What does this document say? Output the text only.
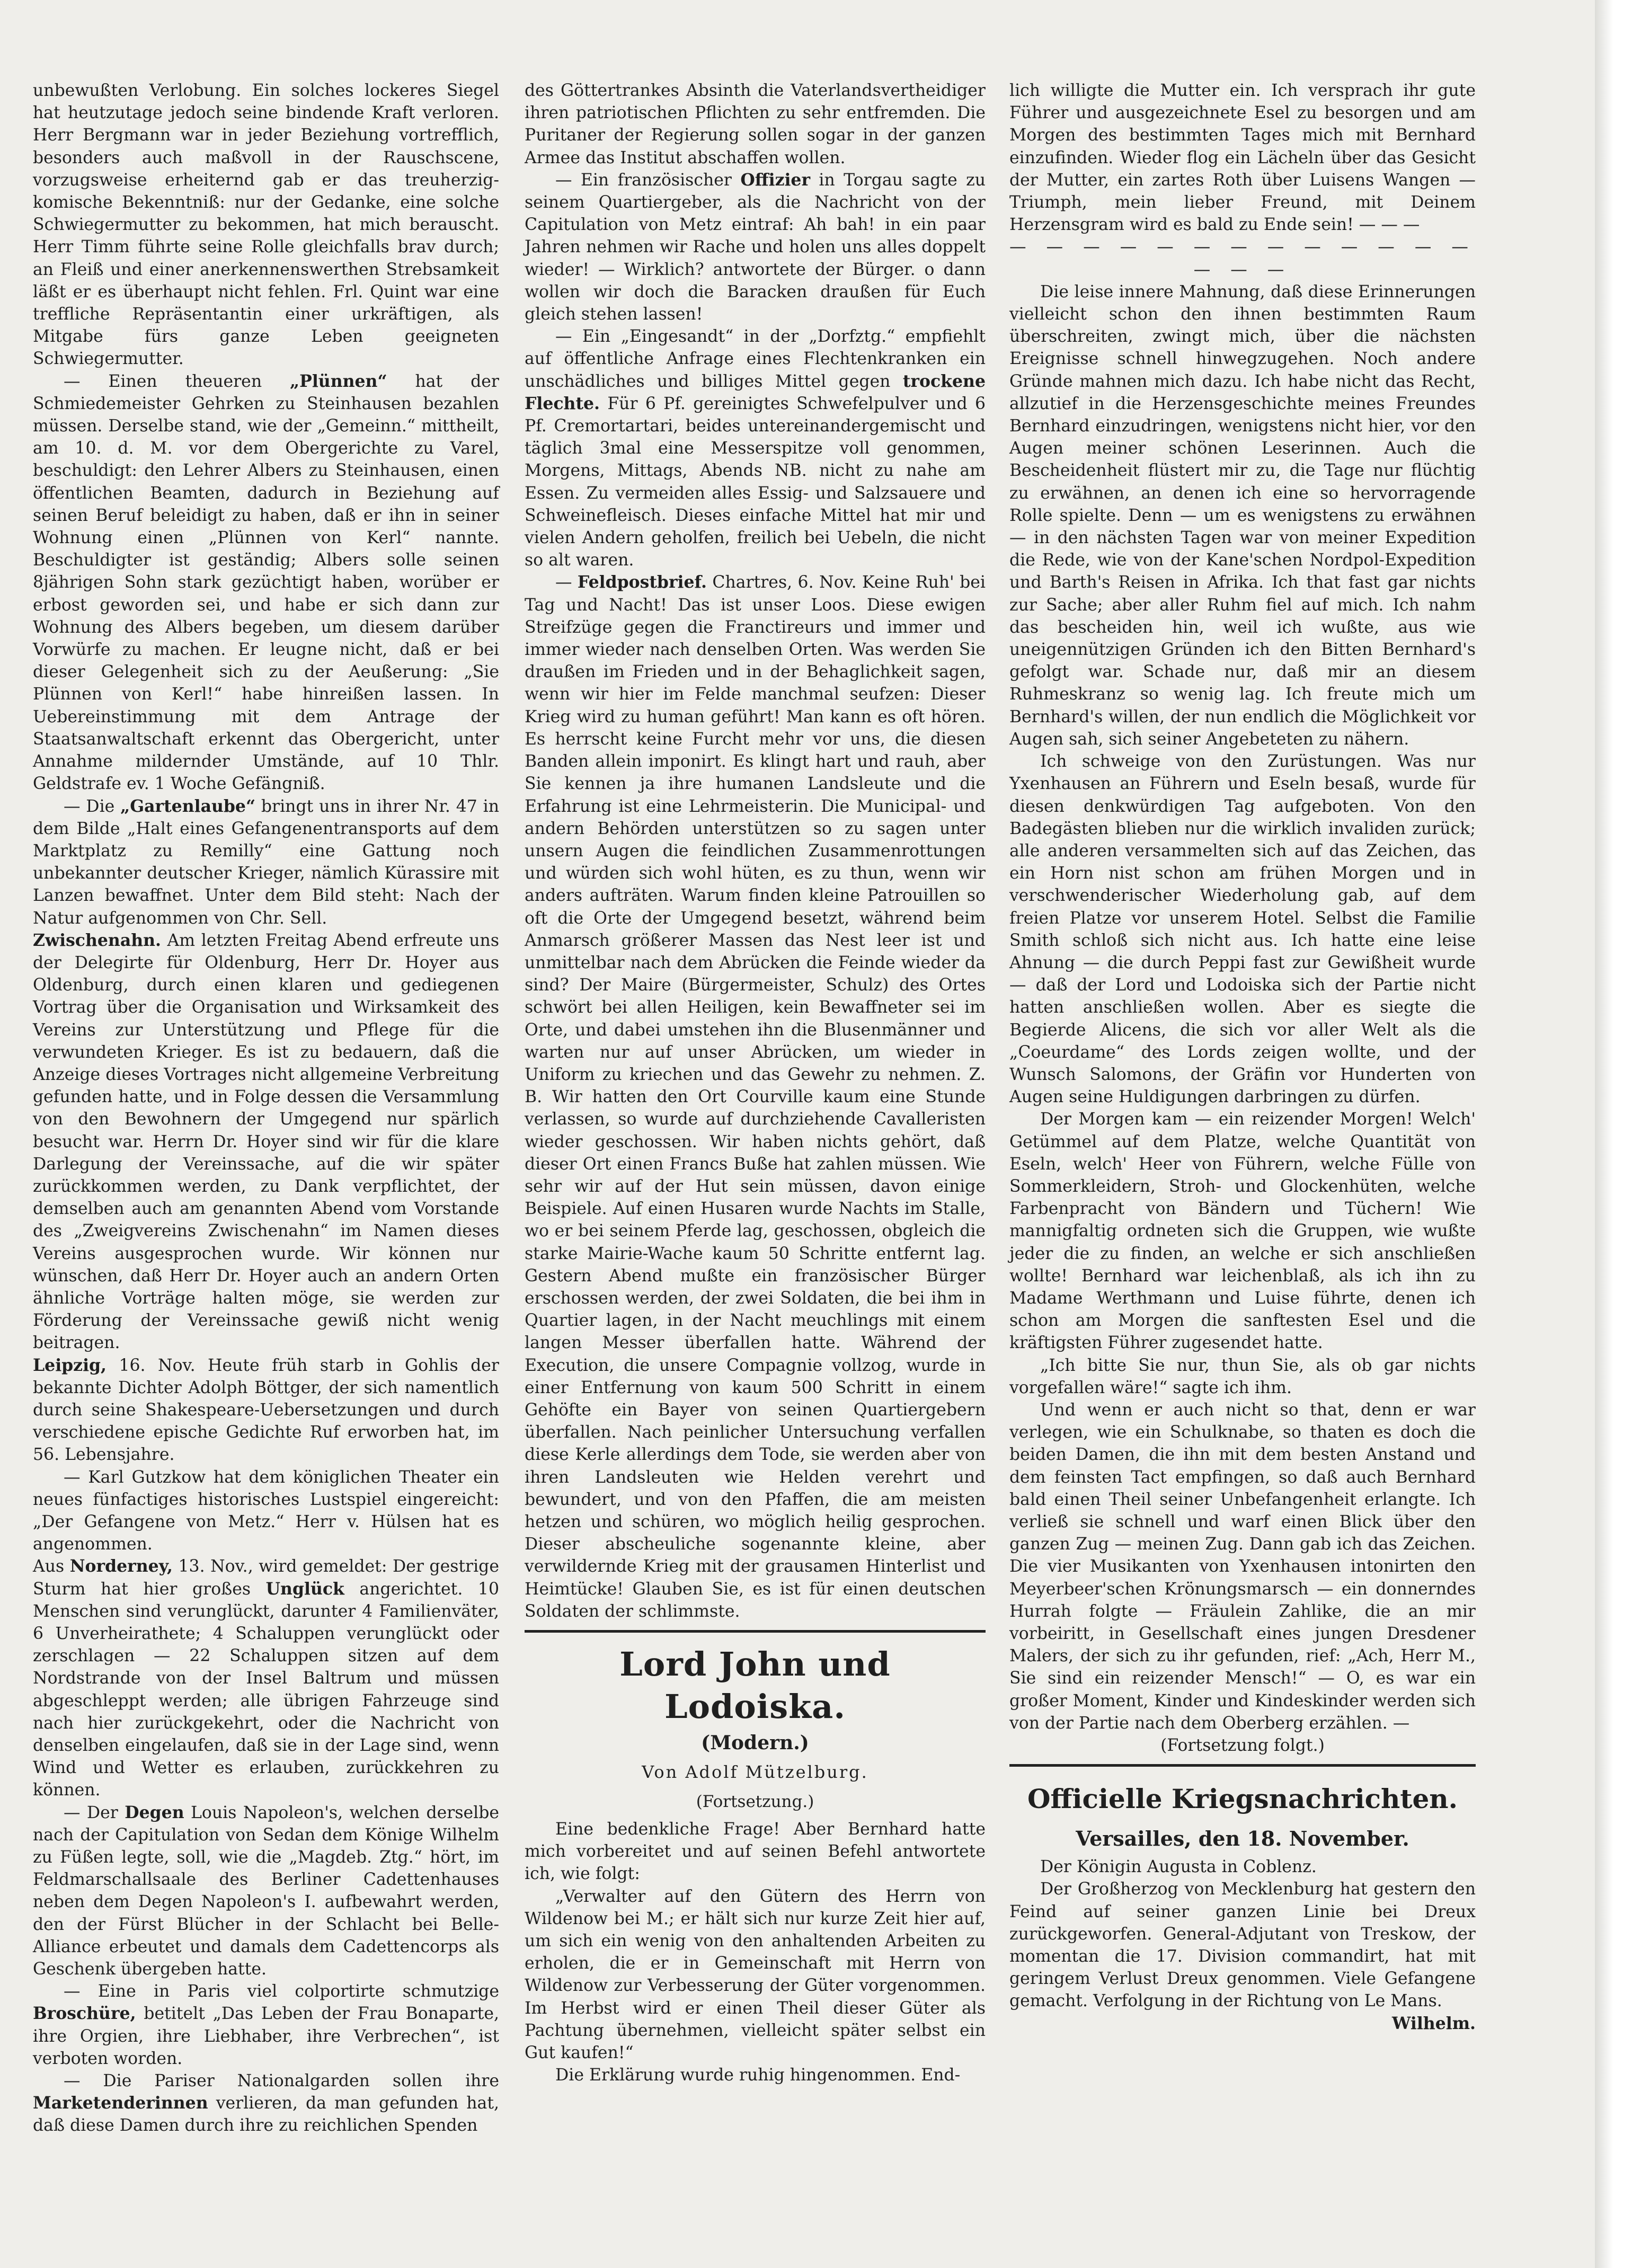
unbewußten Verlobung. Ein solches lockeres Siegel hat heutzutage jedoch seine bindende Kraft verloren. Herr Bergmann war in jeder Beziehung vortrefflich, besonders auch maßvoll in der Rauschscene, vorzugsweise erheiternd gab er das treuherzig-komische Bekenntniß: nur der Gedanke, eine solche Schwiegermutter zu bekommen, hat mich berauscht. Herr Timm führte seine Rolle gleichfalls brav durch; an Fleiß und einer anerkennenswerthen Strebsamkeit läßt er es überhaupt nicht fehlen. Frl. Quint war eine treffliche Repräsentantin einer urkräftigen, als Mitgabe fürs ganze Leben geeigneten Schwiegermutter.

— Einen theueren „Plünnen“ hat der Schmiedemeister Gehrken zu Steinhausen bezahlen müssen. Derselbe stand, wie der „Gemeinn.“ mittheilt, am 10. d. M. vor dem Obergerichte zu Varel, beschuldigt: den Lehrer Albers zu Steinhausen, einen öffentlichen Beamten, dadurch in Beziehung auf seinen Beruf beleidigt zu haben, daß er ihn in seiner Wohnung einen „Plünnen von Kerl“ nannte. Beschuldigter ist geständig; Albers solle seinen 8jährigen Sohn stark gezüchtigt haben, worüber er erbost geworden sei, und habe er sich dann zur Wohnung des Albers begeben, um diesem darüber Vorwürfe zu machen. Er leugne nicht, daß er bei dieser Gelegenheit sich zu der Aeußerung: „Sie Plünnen von Kerl!“ habe hinreißen lassen. In Uebereinstimmung mit dem Antrage der Staatsanwaltschaft erkennt das Obergericht, unter Annahme mildernder Umstände, auf 10 Thlr. Geldstrafe ev. 1 Woche Gefängniß.

— Die „Gartenlaube“ bringt uns in ihrer Nr. 47 in dem Bilde „Halt eines Gefangenentransports auf dem Marktplatz zu Remilly“ eine Gattung noch unbekannter deutscher Krieger, nämlich Kürassire mit Lanzen bewaffnet. Unter dem Bild steht: Nach der Natur aufgenommen von Chr. Sell.

Zwischenahn. Am letzten Freitag Abend erfreute uns der Delegirte für Oldenburg, Herr Dr. Hoyer aus Oldenburg, durch einen klaren und gediegenen Vortrag über die Organisation und Wirksamkeit des Vereins zur Unterstützung und Pflege für die verwundeten Krieger. Es ist zu bedauern, daß die Anzeige dieses Vortrages nicht allgemeine Verbreitung gefunden hatte, und in Folge dessen die Versammlung von den Bewohnern der Umgegend nur spärlich besucht war. Herrn Dr. Hoyer sind wir für die klare Darlegung der Vereinssache, auf die wir später zurückkommen werden, zu Dank verpflichtet, der demselben auch am genannten Abend vom Vorstande des „Zweigvereins Zwischenahn“ im Namen dieses Vereins ausgesprochen wurde. Wir können nur wünschen, daß Herr Dr. Hoyer auch an andern Orten ähnliche Vorträge halten möge, sie werden zur Förderung der Vereinssache gewiß nicht wenig beitragen.

Leipzig, 16. Nov. Heute früh starb in Gohlis der bekannte Dichter Adolph Böttger, der sich namentlich durch seine Shakespeare-Uebersetzungen und durch verschiedene epische Gedichte Ruf erworben hat, im 56. Lebensjahre.

— Karl Gutzkow hat dem königlichen Theater ein neues fünfactiges historisches Lustspiel eingereicht: „Der Gefangene von Metz.“ Herr v. Hülsen hat es angenommen.

Aus Norderney, 13. Nov., wird gemeldet: Der gestrige Sturm hat hier großes Unglück angerichtet. 10 Menschen sind verunglückt, darunter 4 Familienväter, 6 Unverheirathete; 4 Schaluppen verunglückt oder zerschlagen — 22 Schaluppen sitzen auf dem Nordstrande von der Insel Baltrum und müssen abgeschleppt werden; alle übrigen Fahrzeuge sind nach hier zurückgekehrt, oder die Nachricht von denselben eingelaufen, daß sie in der Lage sind, wenn Wind und Wetter es erlauben, zurückkehren zu können.

— Der Degen Louis Napoleon's, welchen derselbe nach der Capitulation von Sedan dem Könige Wilhelm zu Füßen legte, soll, wie die „Magdeb. Ztg.“ hört, im Feldmarschallsaale des Berliner Cadettenhauses neben dem Degen Napoleon's I. aufbewahrt werden, den der Fürst Blücher in der Schlacht bei Belle-Alliance erbeutet und damals dem Cadettencorps als Geschenk übergeben hatte.

— Eine in Paris viel colportirte schmutzige Broschüre, betitelt „Das Leben der Frau Bonaparte, ihre Orgien, ihre Liebhaber, ihre Verbrechen“, ist verboten worden.

— Die Pariser Nationalgarden sollen ihre Marketenderinnen verlieren, da man gefunden hat, daß diese Damen durch ihre zu reichlichen Spenden

des Göttertrankes Absinth die Vaterlandsvertheidiger ihren patriotischen Pflichten zu sehr entfremden. Die Puritaner der Regierung sollen sogar in der ganzen Armee das Institut abschaffen wollen.

— Ein französischer Offizier in Torgau sagte zu seinem Quartiergeber, als die Nachricht von der Capitulation von Metz eintraf: Ah bah! in ein paar Jahren nehmen wir Rache und holen uns alles doppelt wieder! — Wirklich? antwortete der Bürger. o dann wollen wir doch die Baracken draußen für Euch gleich stehen lassen!

— Ein „Eingesandt“ in der „Dorfztg.“ empfiehlt auf öffentliche Anfrage eines Flechtenkranken ein unschädliches und billiges Mittel gegen trockene Flechte. Für 6 Pf. gereinigtes Schwefelpulver und 6 Pf. Cremortartari, beides untereinandergemischt und täglich 3mal eine Messerspitze voll genommen, Morgens, Mittags, Abends NB. nicht zu nahe am Essen. Zu vermeiden alles Essig- und Salzsauere und Schweinefleisch. Dieses einfache Mittel hat mir und vielen Andern geholfen, freilich bei Uebeln, die nicht so alt waren.

— Feldpostbrief. Chartres, 6. Nov. Keine Ruh' bei Tag und Nacht! Das ist unser Loos. Diese ewigen Streifzüge gegen die Franctireurs und immer und immer wieder nach denselben Orten. Was werden Sie draußen im Frieden und in der Behaglichkeit sagen, wenn wir hier im Felde manchmal seufzen: Dieser Krieg wird zu human geführt! Man kann es oft hören. Es herrscht keine Furcht mehr vor uns, die diesen Banden allein imponirt. Es klingt hart und rauh, aber Sie kennen ja ihre humanen Landsleute und die Erfahrung ist eine Lehrmeisterin. Die Municipal- und andern Behörden unterstützen so zu sagen unter unsern Augen die feindlichen Zusammenrottungen und würden sich wohl hüten, es zu thun, wenn wir anders aufträten. Warum finden kleine Patrouillen so oft die Orte der Umgegend besetzt, während beim Anmarsch größerer Massen das Nest leer ist und unmittelbar nach dem Abrücken die Feinde wieder da sind? Der Maire (Bürgermeister, Schulz) des Ortes schwört bei allen Heiligen, kein Bewaffneter sei im Orte, und dabei umstehen ihn die Blusenmänner und warten nur auf unser Abrücken, um wieder in Uniform zu kriechen und das Gewehr zu nehmen. Z. B. Wir hatten den Ort Courville kaum eine Stunde verlassen, so wurde auf durchziehende Cavalleristen wieder geschossen. Wir haben nichts gehört, daß dieser Ort einen Francs Buße hat zahlen müssen. Wie sehr wir auf der Hut sein müssen, davon einige Beispiele. Auf einen Husaren wurde Nachts im Stalle, wo er bei seinem Pferde lag, geschossen, obgleich die starke Mairie-Wache kaum 50 Schritte entfernt lag. Gestern Abend mußte ein französischer Bürger erschossen werden, der zwei Soldaten, die bei ihm in Quartier lagen, in der Nacht meuchlings mit einem langen Messer überfallen hatte. Während der Execution, die unsere Compagnie vollzog, wurde in einer Entfernung von kaum 500 Schritt in einem Gehöfte ein Bayer von seinen Quartiergebern überfallen. Nach peinlicher Untersuchung verfallen diese Kerle allerdings dem Tode, sie werden aber von ihren Landsleuten wie Helden verehrt und bewundert, und von den Pfaffen, die am meisten hetzen und schüren, wo möglich heilig gesprochen. Dieser abscheuliche sogenannte kleine, aber verwildernde Krieg mit der grausamen Hinterlist und Heimtücke! Glauben Sie, es ist für einen deutschen Soldaten der schlimmste.

Lord John und Lodoiska.
(Modern.)
Von Adolf Mützelburg.
(Fortsetzung.)

Eine bedenkliche Frage! Aber Bernhard hatte mich vorbereitet und auf seinen Befehl antwortete ich, wie folgt:

„Verwalter auf den Gütern des Herrn von Wildenow bei M.; er hält sich nur kurze Zeit hier auf, um sich ein wenig von den anhaltenden Arbeiten zu erholen, die er in Gemeinschaft mit Herrn von Wildenow zur Verbesserung der Güter vorgenommen. Im Herbst wird er einen Theil dieser Güter als Pachtung übernehmen, vielleicht später selbst ein Gut kaufen!“

Die Erklärung wurde ruhig hingenommen. End-

lich willigte die Mutter ein. Ich versprach ihr gute Führer und ausgezeichnete Esel zu besorgen und am Morgen des bestimmten Tages mich mit Bernhard einzufinden. Wieder flog ein Lächeln über das Gesicht der Mutter, ein zartes Roth über Luisens Wangen — Triumph, mein lieber Freund, mit Deinem Herzensgram wird es bald zu Ende sein! — — —

— — — — — — — — — — — — — — — —

Die leise innere Mahnung, daß diese Erinnerungen vielleicht schon den ihnen bestimmten Raum überschreiten, zwingt mich, über die nächsten Ereignisse schnell hinwegzugehen. Noch andere Gründe mahnen mich dazu. Ich habe nicht das Recht, allzutief in die Herzensgeschichte meines Freundes Bernhard einzudringen, wenigstens nicht hier, vor den Augen meiner schönen Leserinnen. Auch die Bescheidenheit flüstert mir zu, die Tage nur flüchtig zu erwähnen, an denen ich eine so hervorragende Rolle spielte. Denn — um es wenigstens zu erwähnen — in den nächsten Tagen war von meiner Expedition die Rede, wie von der Kane'schen Nordpol-Expedition und Barth's Reisen in Afrika. Ich that fast gar nichts zur Sache; aber aller Ruhm fiel auf mich. Ich nahm das bescheiden hin, weil ich wußte, aus wie uneigennützigen Gründen ich den Bitten Bernhard's gefolgt war. Schade nur, daß mir an diesem Ruhmeskranz so wenig lag. Ich freute mich um Bernhard's willen, der nun endlich die Möglichkeit vor Augen sah, sich seiner Angebeteten zu nähern.

Ich schweige von den Zurüstungen. Was nur Yxenhausen an Führern und Eseln besaß, wurde für diesen denkwürdigen Tag aufgeboten. Von den Badegästen blieben nur die wirklich invaliden zurück; alle anderen versammelten sich auf das Zeichen, das ein Horn nist schon am frühen Morgen und in verschwenderischer Wiederholung gab, auf dem freien Platze vor unserem Hotel. Selbst die Familie Smith schloß sich nicht aus. Ich hatte eine leise Ahnung — die durch Peppi fast zur Gewißheit wurde — daß der Lord und Lodoiska sich der Partie nicht hatten anschließen wollen. Aber es siegte die Begierde Alicens, die sich vor aller Welt als die „Coeurdame“ des Lords zeigen wollte, und der Wunsch Salomons, der Gräfin vor Hunderten von Augen seine Huldigungen darbringen zu dürfen.

Der Morgen kam — ein reizender Morgen! Welch' Getümmel auf dem Platze, welche Quantität von Eseln, welch' Heer von Führern, welche Fülle von Sommerkleidern, Stroh- und Glockenhüten, welche Farbenpracht von Bändern und Tüchern! Wie mannigfaltig ordneten sich die Gruppen, wie wußte jeder die zu finden, an welche er sich anschließen wollte! Bernhard war leichenblaß, als ich ihn zu Madame Werthmann und Luise führte, denen ich schon am Morgen die sanftesten Esel und die kräftigsten Führer zugesendet hatte.

„Ich bitte Sie nur, thun Sie, als ob gar nichts vorgefallen wäre!“ sagte ich ihm.

Und wenn er auch nicht so that, denn er war verlegen, wie ein Schulknabe, so thaten es doch die beiden Damen, die ihn mit dem besten Anstand und dem feinsten Tact empfingen, so daß auch Bernhard bald einen Theil seiner Unbefangenheit erlangte. Ich verließ sie schnell und warf einen Blick über den ganzen Zug — meinen Zug. Dann gab ich das Zeichen. Die vier Musikanten von Yxenhausen intonirten den Meyerbeer'schen Krönungsmarsch — ein donnerndes Hurrah folgte — Fräulein Zahlike, die an mir vorbeiritt, in Gesellschaft eines jungen Dresdener Malers, der sich zu ihr gefunden, rief: „Ach, Herr M., Sie sind ein reizender Mensch!“ — O, es war ein großer Moment, Kinder und Kindeskinder werden sich von der Partie nach dem Oberberg erzählen. —

(Fortsetzung folgt.)
Officielle Kriegsnachrichten.
Versailles, den 18. November.

Der Königin Augusta in Coblenz.

Der Großherzog von Mecklenburg hat gestern den Feind auf seiner ganzen Linie bei Dreux zurückgeworfen. General-Adjutant von Treskow, der momentan die 17. Division commandirt, hat mit geringem Verlust Dreux genommen. Viele Gefangene gemacht. Verfolgung in der Richtung von Le Mans.

Wilhelm.
